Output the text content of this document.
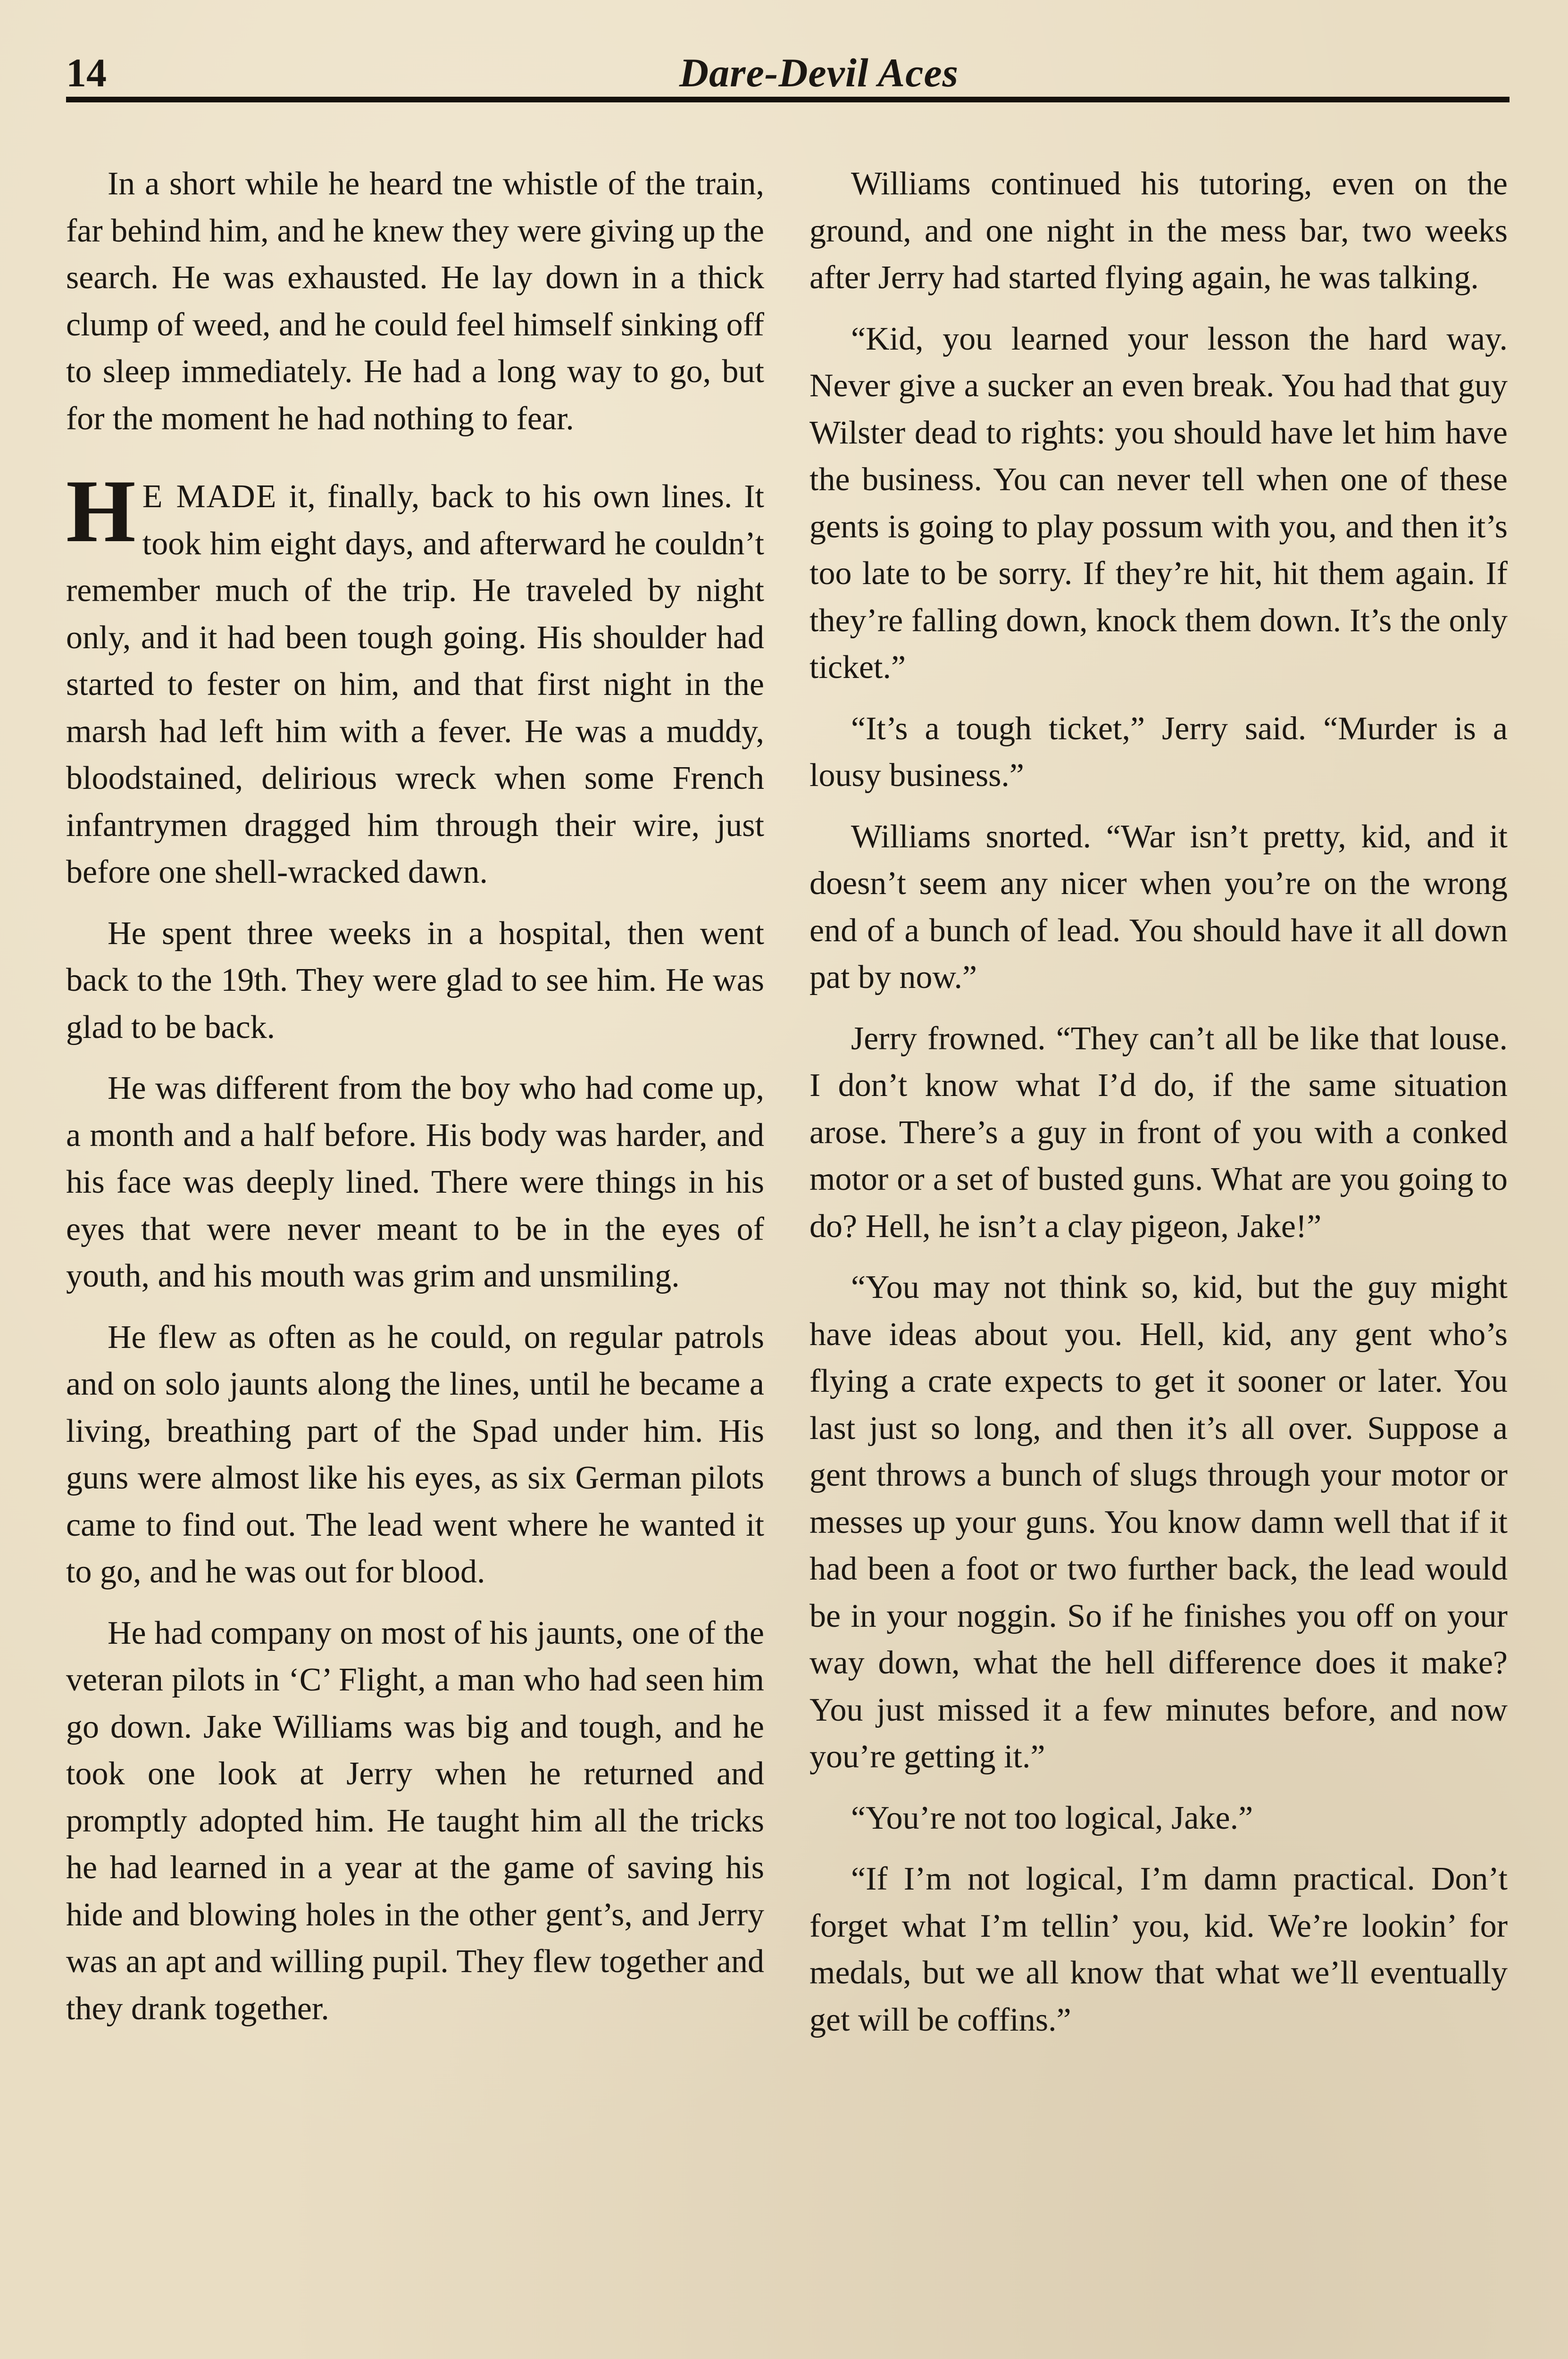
14	Dare-Devil Aces

In a short while he heard tne whistle of the train, far behind him, and he knew they were giving up the search. He was exhausted. He lay down in a thick clump of weed, and he could feel himself sinking off to sleep immediately. He had a long way to go, but for the moment he had nothing to fear.

H E MADE it, finally, back to his own lines. It took him eight days, and afterward he couldn’t remember much of the trip. He traveled by night only, and it had been tough going. His shoulder had started to fester on him, and that first night in the marsh had left him with a fever. He was a muddy, bloodstained, delirious wreck when some French infantrymen dragged him through their wire, just before one shell-wracked dawn.

He spent three weeks in a hospital, then went back to the 19th. They were glad to see him. He was glad to be back.

He was different from the boy who had come up, a month and a half before. His body was harder, and his face was deeply lined. There were things in his eyes that were never meant to be in the eyes of youth, and his mouth was grim and unsmiling.

He flew as often as he could, on regular patrols and on solo jaunts along the lines, until he became a living, breathing part of the Spad under him. His guns were almost like his eyes, as six German pilots came to find out. The lead went where he wanted it to go, and he was out for blood.

He had company on most of his jaunts, one of the veteran pilots in ‘C’ Flight, a man who had seen him go down. Jake Williams was big and tough, and he took one look at Jerry when he returned and promptly adopted him. He taught him all the tricks he had learned in a year at the game of saving his hide and blowing holes in the other gent’s, and Jerry was an apt and willing pupil. They flew together and they drank together.

Williams continued his tutoring, even on the ground, and one night in the mess bar, two weeks after Jerry had started flying again, he was talking.

“Kid, you learned your lesson the hard way. Never give a sucker an even break. You had that guy Wilster dead to rights: you should have let him have the business. You can never tell when one of these gents is going to play possum with you, and then it’s too late to be sorry. If they’re hit, hit them again. If they’re falling down, knock them down. It’s the only ticket.”

“It’s a tough ticket,” Jerry said. “Murder is a lousy business.”

Williams snorted. “War isn’t pretty, kid, and it doesn’t seem any nicer when you’re on the wrong end of a bunch of lead. You should have it all down pat by now.”

Jerry frowned. “They can’t all be like that louse. I don’t know what I’d do, if the same situation arose. There’s a guy in front of you with a conked motor or a set of busted guns. What are you going to do? Hell, he isn’t a clay pigeon, Jake!”

“You may not think so, kid, but the guy might have ideas about you. Hell, kid, any gent who’s flying a crate expects to get it sooner or later. You last just so long, and then it’s all over. Suppose a gent throws a bunch of slugs through your motor or messes up your guns. You know damn well that if it had been a foot or two further back, the lead would be in your noggin. So if he finishes you off on your way down, what the hell difference does it make? You just missed it a few minutes before, and now you’re getting it.”

“You’re not too logical, Jake.”

“If I’m not logical, I’m damn practical. Don’t forget what I’m tellin’ you, kid. We’re lookin’ for medals, but we all know that what we’ll eventually get will be coffins.”
